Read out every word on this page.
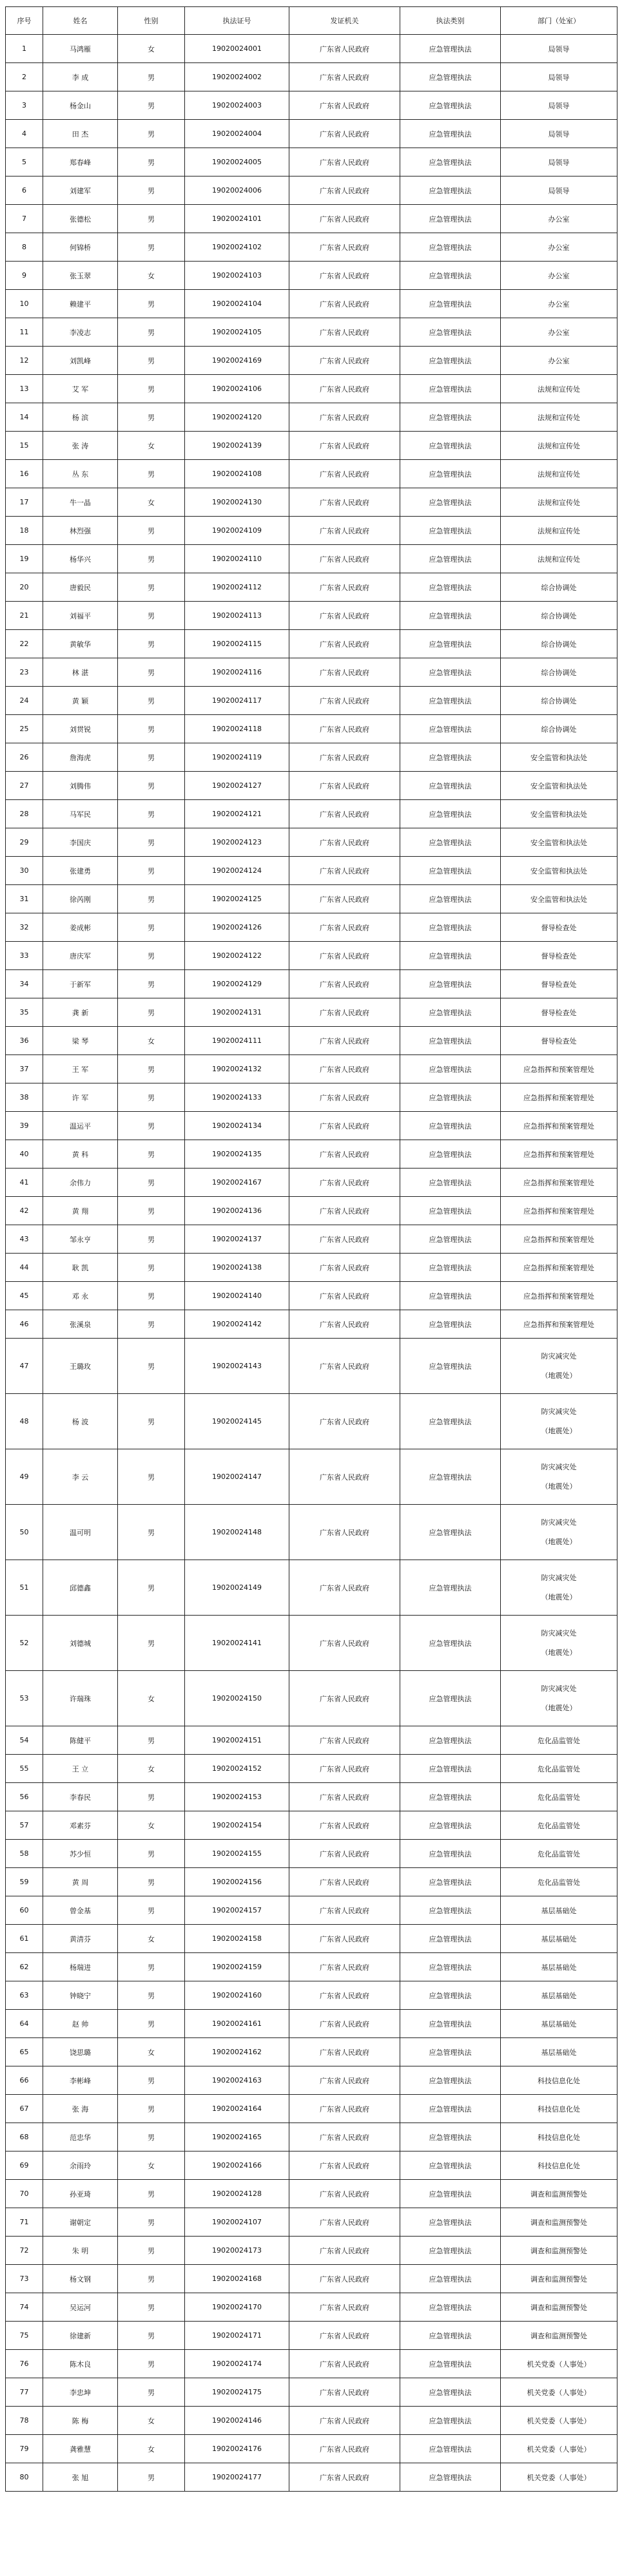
序号	姓名	性别	执法证号	发证机关	执法类别	部门（处室）
1	马鸿雁	女	19020024001	广东省人民政府	应急管理执法	局领导
2	李 成	男	19020024002	广东省人民政府	应急管理执法	局领导
3	杨金山	男	19020024003	广东省人民政府	应急管理执法	局领导
4	田 杰	男	19020024004	广东省人民政府	应急管理执法	局领导
5	郑春峰	男	19020024005	广东省人民政府	应急管理执法	局领导
6	刘建军	男	19020024006	广东省人民政府	应急管理执法	局领导
7	张德松	男	19020024101	广东省人民政府	应急管理执法	办公室
8	何锦桥	男	19020024102	广东省人民政府	应急管理执法	办公室
9	张玉翠	女	19020024103	广东省人民政府	应急管理执法	办公室
10	赖建平	男	19020024104	广东省人民政府	应急管理执法	办公室
11	李凌志	男	19020024105	广东省人民政府	应急管理执法	办公室
12	刘凯峰	男	19020024169	广东省人民政府	应急管理执法	办公室
13	艾 军	男	19020024106	广东省人民政府	应急管理执法	法规和宣传处
14	杨 滨	男	19020024120	广东省人民政府	应急管理执法	法规和宣传处
15	张 涛	女	19020024139	广东省人民政府	应急管理执法	法规和宣传处
16	丛 东	男	19020024108	广东省人民政府	应急管理执法	法规和宣传处
17	牛一晶	女	19020024130	广东省人民政府	应急管理执法	法规和宣传处
18	林烈强	男	19020024109	广东省人民政府	应急管理执法	法规和宣传处
19	杨华兴	男	19020024110	广东省人民政府	应急管理执法	法规和宣传处
20	唐毅民	男	19020024112	广东省人民政府	应急管理执法	综合协调处
21	刘福平	男	19020024113	广东省人民政府	应急管理执法	综合协调处
22	黄敏华	男	19020024115	广东省人民政府	应急管理执法	综合协调处
23	林 湛	男	19020024116	广东省人民政府	应急管理执法	综合协调处
24	黄 颖	男	19020024117	广东省人民政府	应急管理执法	综合协调处
25	刘贯锐	男	19020024118	广东省人民政府	应急管理执法	综合协调处
26	詹海虎	男	19020024119	广东省人民政府	应急管理执法	安全监管和执法处
27	刘腾伟	男	19020024127	广东省人民政府	应急管理执法	安全监管和执法处
28	马军民	男	19020024121	广东省人民政府	应急管理执法	安全监管和执法处
29	李国庆	男	19020024123	广东省人民政府	应急管理执法	安全监管和执法处
30	张建勇	男	19020024124	广东省人民政府	应急管理执法	安全监管和执法处
31	徐芮刚	男	19020024125	广东省人民政府	应急管理执法	安全监管和执法处
32	姜成彬	男	19020024126	广东省人民政府	应急管理执法	督导检查处
33	唐庆军	男	19020024122	广东省人民政府	应急管理执法	督导检查处
34	于新军	男	19020024129	广东省人民政府	应急管理执法	督导检查处
35	龚 新	男	19020024131	广东省人民政府	应急管理执法	督导检查处
36	梁 琴	女	19020024111	广东省人民政府	应急管理执法	督导检查处
37	王 军	男	19020024132	广东省人民政府	应急管理执法	应急指挥和预案管理处
38	许 军	男	19020024133	广东省人民政府	应急管理执法	应急指挥和预案管理处
39	温运平	男	19020024134	广东省人民政府	应急管理执法	应急指挥和预案管理处
40	黄 科	男	19020024135	广东省人民政府	应急管理执法	应急指挥和预案管理处
41	余伟力	男	19020024167	广东省人民政府	应急管理执法	应急指挥和预案管理处
42	黄 翔	男	19020024136	广东省人民政府	应急管理执法	应急指挥和预案管理处
43	邹永亨	男	19020024137	广东省人民政府	应急管理执法	应急指挥和预案管理处
44	耿 凯	男	19020024138	广东省人民政府	应急管理执法	应急指挥和预案管理处
45	邓 永	男	19020024140	广东省人民政府	应急管理执法	应急指挥和预案管理处
46	张溪泉	男	19020024142	广东省人民政府	应急管理执法	应急指挥和预案管理处
47	王璐玫	男	19020024143	广东省人民政府	应急管理执法	防灾减灾处
（地震处）

48	杨 波	男	19020024145	广东省人民政府	应急管理执法	防灾减灾处
（地震处）

49	李 云	男	19020024147	广东省人民政府	应急管理执法	防灾减灾处
（地震处）

50	温可明	男	19020024148	广东省人民政府	应急管理执法	防灾减灾处
（地震处）

51	邱德鑫	男	19020024149	广东省人民政府	应急管理执法	防灾减灾处
（地震处）

52	刘德城	男	19020024141	广东省人民政府	应急管理执法	防灾减灾处
（地震处）

53	许瑞珠	女	19020024150	广东省人民政府	应急管理执法	防灾减灾处
（地震处）

54	陈健平	男	19020024151	广东省人民政府	应急管理执法	危化品监管处
55	王 立	女	19020024152	广东省人民政府	应急管理执法	危化品监管处
56	李春民	男	19020024153	广东省人民政府	应急管理执法	危化品监管处
57	邓素芬	女	19020024154	广东省人民政府	应急管理执法	危化品监管处
58	苏少恒	男	19020024155	广东省人民政府	应急管理执法	危化品监管处
59	黄 周	男	19020024156	广东省人民政府	应急管理执法	危化品监管处
60	曾金基	男	19020024157	广东省人民政府	应急管理执法	基层基础处
61	黄清芬	女	19020024158	广东省人民政府	应急管理执法	基层基础处
62	杨瑞进	男	19020024159	广东省人民政府	应急管理执法	基层基础处
63	钟晓宁	男	19020024160	广东省人民政府	应急管理执法	基层基础处
64	赵 帅	男	19020024161	广东省人民政府	应急管理执法	基层基础处
65	饶思璐	女	19020024162	广东省人民政府	应急管理执法	基层基础处
66	李彬峰	男	19020024163	广东省人民政府	应急管理执法	科技信息化处
67	张 海	男	19020024164	广东省人民政府	应急管理执法	科技信息化处
68	范忠华	男	19020024165	广东省人民政府	应急管理执法	科技信息化处
69	余雨玲	女	19020024166	广东省人民政府	应急管理执法	科技信息化处
70	孙亚琦	男	19020024128	广东省人民政府	应急管理执法	调查和监测预警处
71	谢朝定	男	19020024107	广东省人民政府	应急管理执法	调查和监测预警处
72	朱 明	男	19020024173	广东省人民政府	应急管理执法	调查和监测预警处
73	杨文钢	男	19020024168	广东省人民政府	应急管理执法	调查和监测预警处
74	吴运河	男	19020024170	广东省人民政府	应急管理执法	调查和监测预警处
75	徐建新	男	19020024171	广东省人民政府	应急管理执法	调查和监测预警处
76	陈木良	男	19020024174	广东省人民政府	应急管理执法	机关党委（人事处）
77	李忠坤	男	19020024175	广东省人民政府	应急管理执法	机关党委（人事处）
78	陈 梅	女	19020024146	广东省人民政府	应急管理执法	机关党委（人事处）
79	龚雅慧	女	19020024176	广东省人民政府	应急管理执法	机关党委（人事处）
80	张 旭	男	19020024177	广东省人民政府	应急管理执法	机关党委（人事处）
